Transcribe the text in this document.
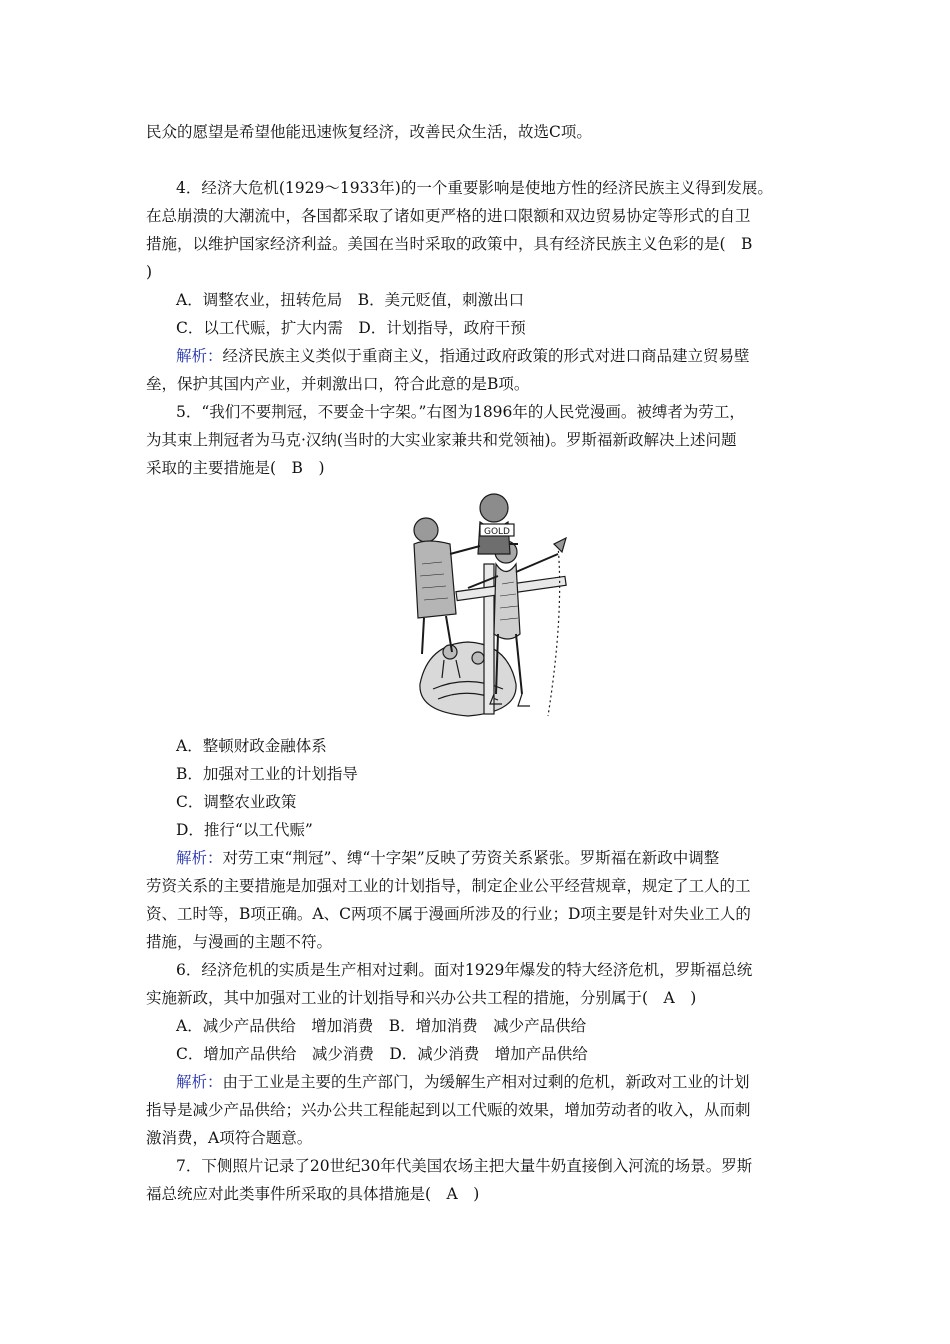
民众的愿望是希望他能迅速恢复经济，改善民众生活，故选C项。
4．经济大危机(1929～1933年)的一个重要影响是使地方性的经济民族主义得到发展。
在总崩溃的大潮流中，各国都采取了诸如更严格的进口限额和双边贸易协定等形式的自卫
措施，以维护国家经济利益。美国在当时采取的政策中，具有经济民族主义色彩的是(　B
)
A．调整农业，扭转危局　B．美元贬值，刺激出口
C．以工代赈，扩大内需　D．计划指导，政府干预
解析：经济民族主义类似于重商主义，指通过政府政策的形式对进口商品建立贸易壁
垒，保护其国内产业，并刺激出口，符合此意的是B项。
5．“我们不要荆冠，不要金十字架。”右图为1896年的人民党漫画。被缚者为劳工，
为其束上荆冠者为马克·汉纳(当时的大实业家兼共和党领袖)。罗斯福新政解决上述问题
采取的主要措施是(　B　)
GOLD
A．整顿财政金融体系
B．加强对工业的计划指导
C．调整农业政策
D．推行“以工代赈”
解析：对劳工束“荆冠”、缚“十字架”反映了劳资关系紧张。罗斯福在新政中调整
劳资关系的主要措施是加强对工业的计划指导，制定企业公平经营规章，规定了工人的工
资、工时等，B项正确。A、C两项不属于漫画所涉及的行业；D项主要是针对失业工人的
措施，与漫画的主题不符。
6．经济危机的实质是生产相对过剩。面对1929年爆发的特大经济危机，罗斯福总统
实施新政，其中加强对工业的计划指导和兴办公共工程的措施，分别属于(　A　)
A．减少产品供给　增加消费　B．增加消费　减少产品供给
C．增加产品供给　减少消费　D．减少消费　增加产品供给
解析：由于工业是主要的生产部门，为缓解生产相对过剩的危机，新政对工业的计划
指导是减少产品供给；兴办公共工程能起到以工代赈的效果，增加劳动者的收入，从而刺
激消费，A项符合题意。
7．下侧照片记录了20世纪30年代美国农场主把大量牛奶直接倒入河流的场景。罗斯
福总统应对此类事件所采取的具体措施是(　A　)
